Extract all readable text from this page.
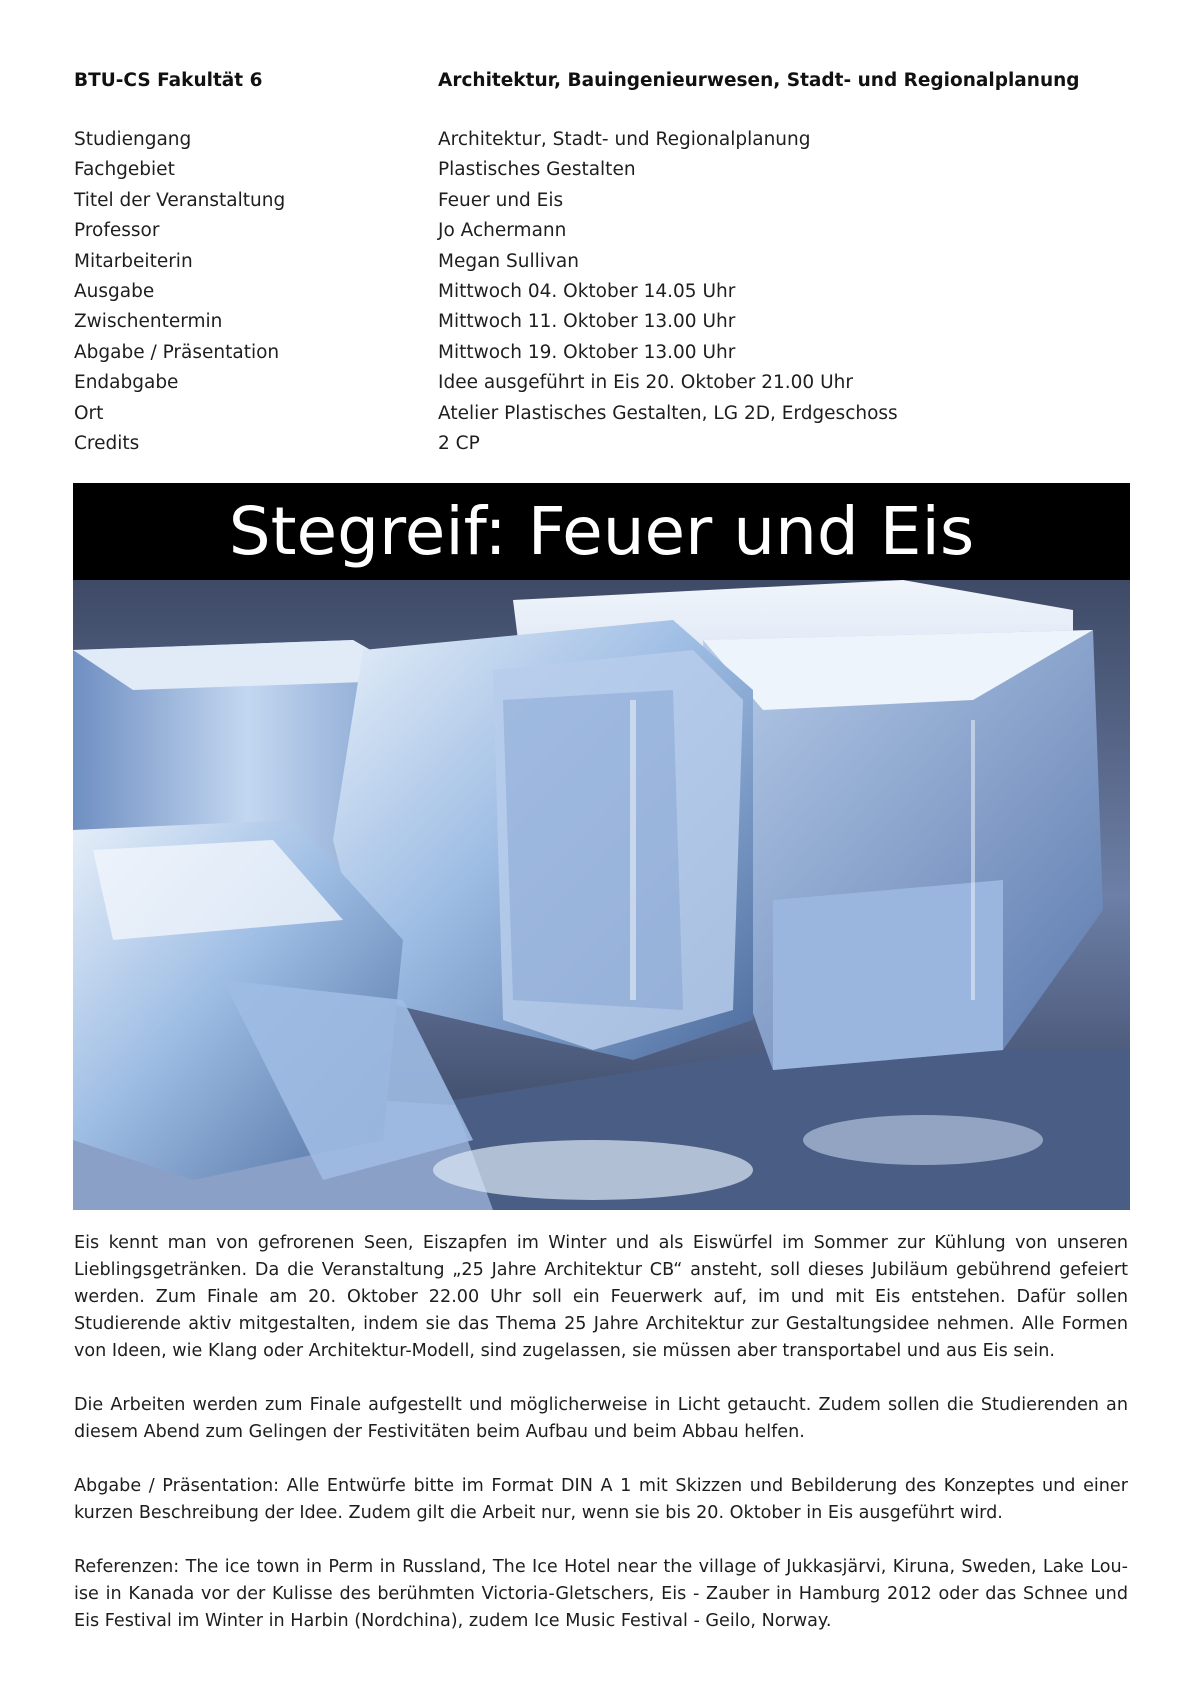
BTU-CS Fakultät 6	Architektur, Bauingenieurwesen, Stadt- und Regionalplanung
Studiengang	Architektur, Stadt- und Regionalplanung
Fachgebiet	Plastisches Gestalten
Titel der Veranstaltung	Feuer und Eis
Professor	Jo Achermann
Mitarbeiterin	Megan Sullivan
Ausgabe	Mittwoch 04. Oktober 14.05 Uhr
Zwischentermin	Mittwoch 11. Oktober 13.00 Uhr
Abgabe / Präsentation	Mittwoch 19. Oktober 13.00 Uhr
Endabgabe	Idee ausgeführt in Eis 20. Oktober 21.00 Uhr
Ort	Atelier Plastisches Gestalten, LG 2D, Erdgeschoss
Credits	2 CP
Stegreif: Feuer und Eis

Eis kennt man von gefrorenen Seen, Eiszapfen im Winter und als Eiswürfel im Sommer zur Kühlung von unseren Lieblingsgetränken. Da die Veranstaltung „25 Jahre Architektur CB“ ansteht, soll dieses Jubiläum gebührend gefeiert werden. Zum Finale am 20. Oktober 22.00 Uhr soll ein Feuerwerk auf, im und mit Eis entstehen. Dafür sollen Studierende aktiv mitgestalten, indem sie das Thema 25 Jahre Architektur zur Gestaltungsidee nehmen. Alle Formen von Ideen, wie Klang oder Architektur-Modell, sind zugelassen, sie müssen aber transportabel und aus Eis sein.

Die Arbeiten werden zum Finale aufgestellt und möglicherweise in Licht getaucht. Zudem sollen die Studierenden an diesem Abend zum Gelingen der Festivitäten beim Aufbau und beim Abbau helfen.

Abgabe / Präsentation: Alle Entwürfe bitte im Format DIN A 1 mit Skizzen und Bebilderung des Konzeptes und einer kurzen Beschreibung der Idee. Zudem gilt die Arbeit nur, wenn sie bis 20. Oktober in Eis ausgeführt wird.

Referenzen: The ice town in Perm in Russland, The Ice Hotel near the village of Jukkasjärvi, Kiruna, Sweden, Lake Lou-ise in Kanada vor der Kulisse des berühmten Victoria-Gletschers, Eis - Zauber in Hamburg 2012 oder das Schnee und Eis Festival im Winter in Harbin (Nordchina), zudem Ice Music Festival - Geilo, Norway.
